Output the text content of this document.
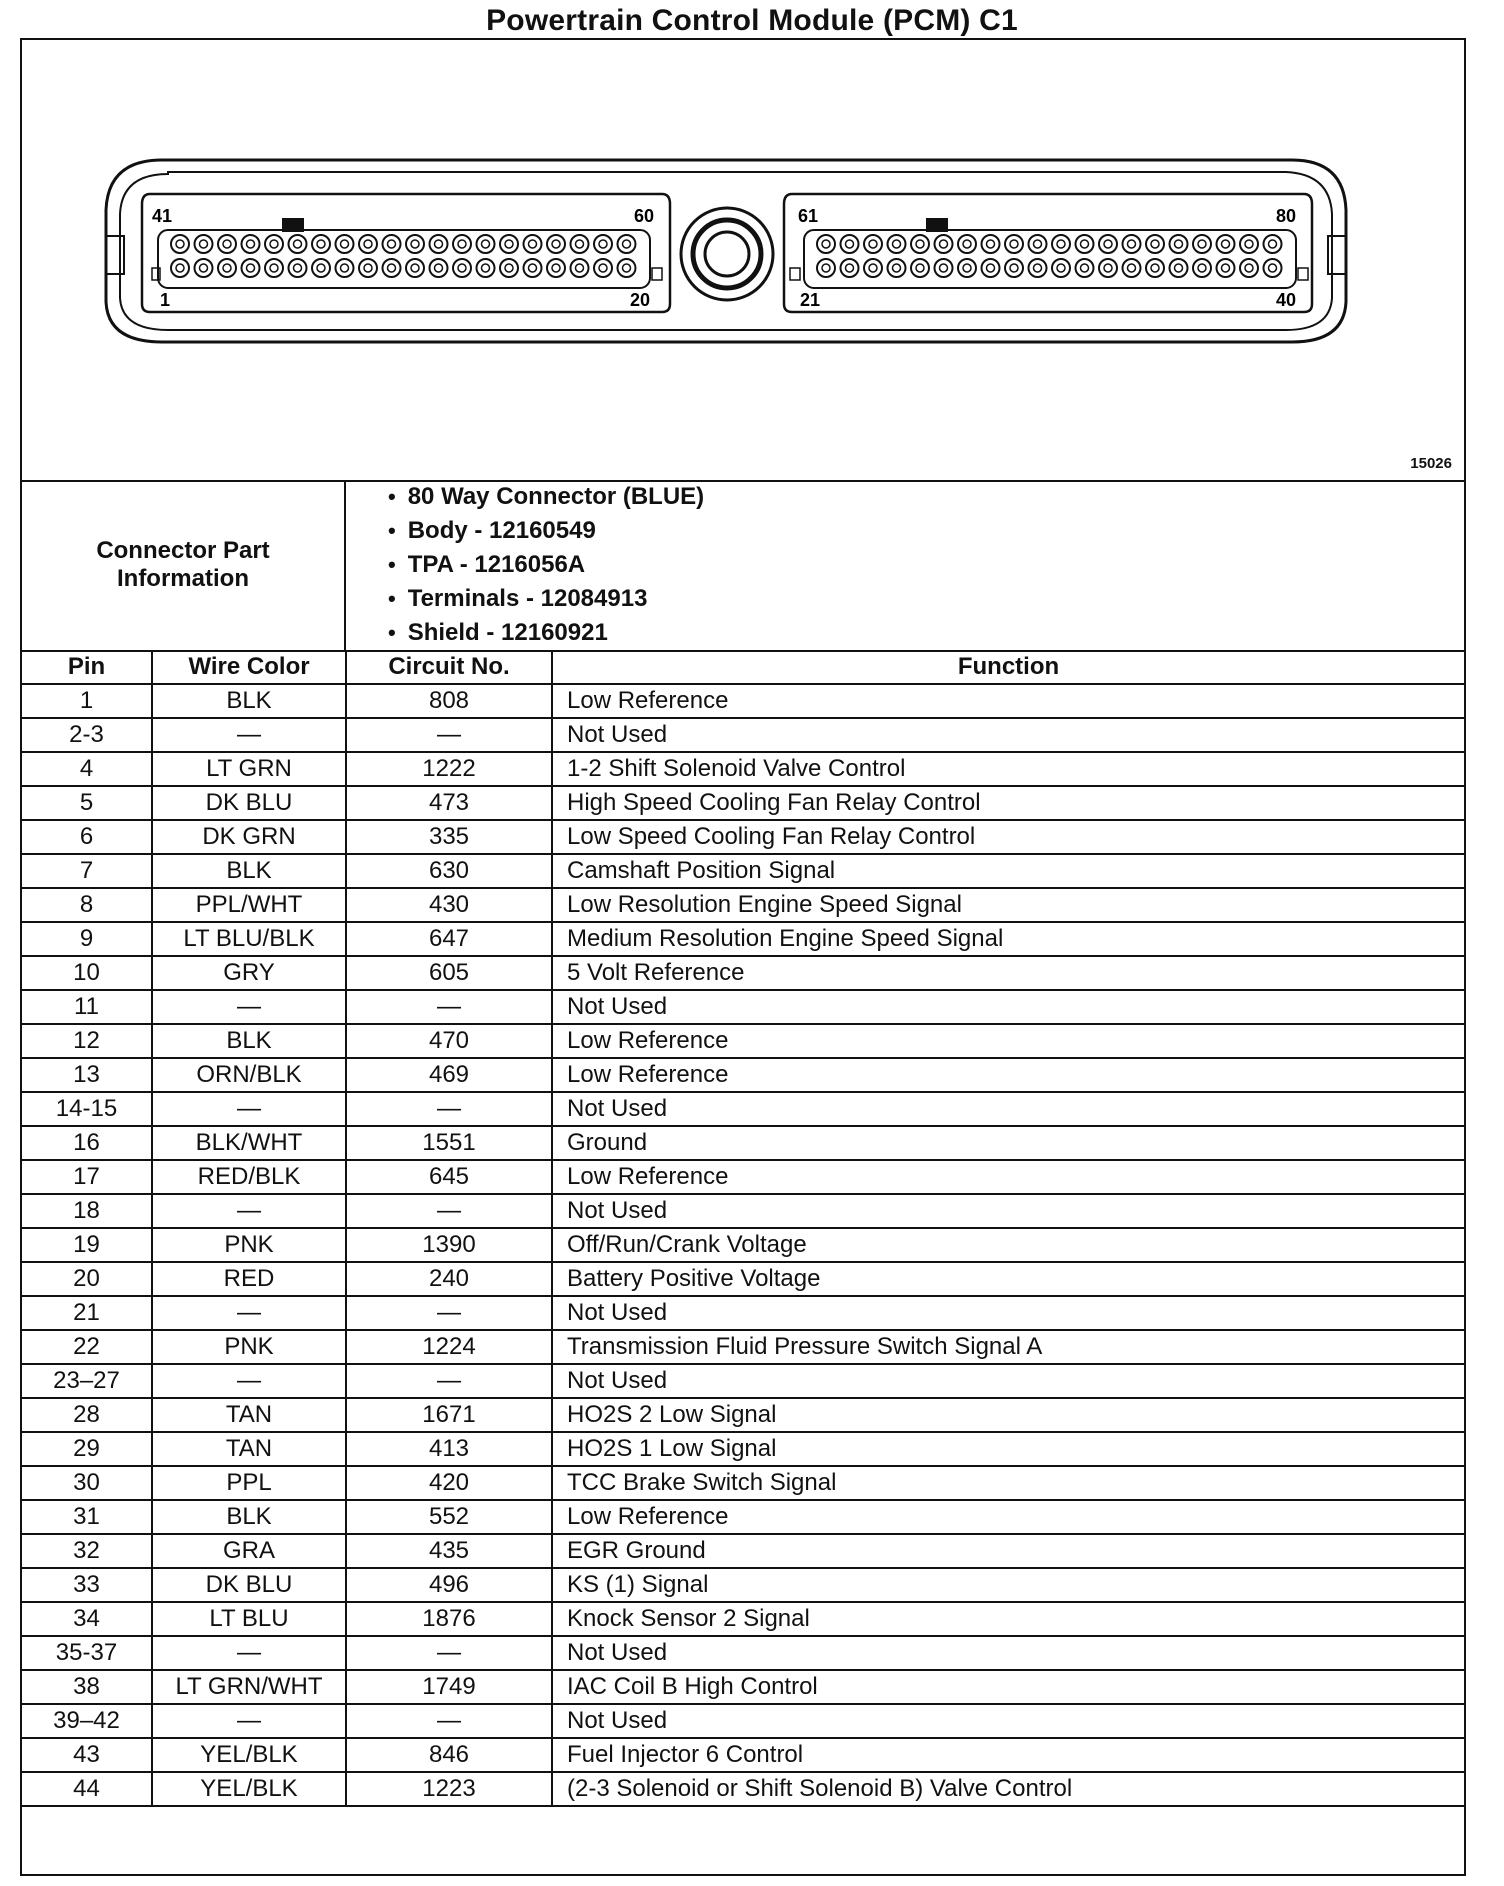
Powertrain Control Module (PCM) C1
41	60
1	20
61	80
21	40
15026
Connector Part
Information
• 80 Way Connector (BLUE)
• Body - 12160549
• TPA - 1216056A
• Terminals - 12084913
• Shield - 12160921
Pin	Wire Color	Circuit No.	Function
1	BLK	808	Low Reference
2-3	—	—	Not Used
4	LT GRN	1222	1-2 Shift Solenoid Valve Control
5	DK BLU	473	High Speed Cooling Fan Relay Control
6	DK GRN	335	Low Speed Cooling Fan Relay Control
7	BLK	630	Camshaft Position Signal
8	PPL/WHT	430	Low Resolution Engine Speed Signal
9	LT BLU/BLK	647	Medium Resolution Engine Speed Signal
10	GRY	605	5 Volt Reference
11	—	—	Not Used
12	BLK	470	Low Reference
13	ORN/BLK	469	Low Reference
14-15	—	—	Not Used
16	BLK/WHT	1551	Ground
17	RED/BLK	645	Low Reference
18	—	—	Not Used
19	PNK	1390	Off/Run/Crank Voltage
20	RED	240	Battery Positive Voltage
21	—	—	Not Used
22	PNK	1224	Transmission Fluid Pressure Switch Signal A
23–27	—	—	Not Used
28	TAN	1671	HO2S 2 Low Signal
29	TAN	413	HO2S 1 Low Signal
30	PPL	420	TCC Brake Switch Signal
31	BLK	552	Low Reference
32	GRA	435	EGR Ground
33	DK BLU	496	KS (1) Signal
34	LT BLU	1876	Knock Sensor 2 Signal
35-37	—	—	Not Used
38	LT GRN/WHT	1749	IAC Coil B High Control
39–42	—	—	Not Used
43	YEL/BLK	846	Fuel Injector 6 Control
44	YEL/BLK	1223	(2-3 Solenoid or Shift Solenoid B) Valve Control
